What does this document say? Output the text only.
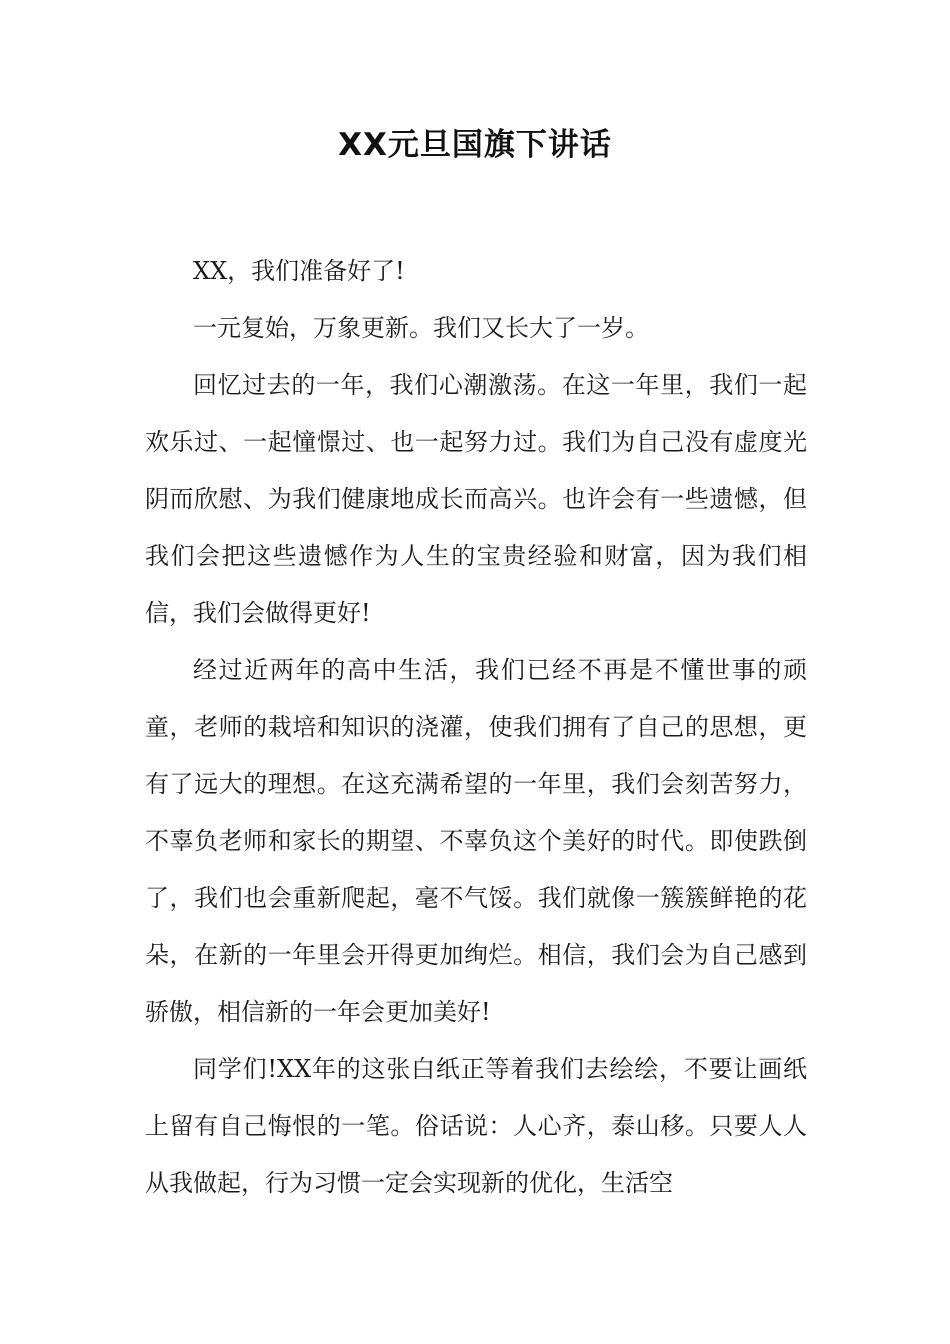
XX元旦国旗下讲话

XX，我们准备好了!

一元复始，万象更新。我们又长大了一岁。

回忆过去的一年，我们心潮激荡。在这一年里，我们一起欢乐过、一起憧憬过、也一起努力过。我们为自己没有虚度光阴而欣慰、为我们健康地成长而高兴。也许会有一些遗憾，但我们会把这些遗憾作为人生的宝贵经验和财富，因为我们相信，我们会做得更好!

经过近两年的高中生活，我们已经不再是不懂世事的顽童，老师的栽培和知识的浇灌，使我们拥有了自己的思想，更有了远大的理想。在这充满希望的一年里，我们会刻苦努力，不辜负老师和家长的期望、不辜负这个美好的时代。即使跌倒了，我们也会重新爬起，毫不气馁。我们就像一簇簇鲜艳的花朵，在新的一年里会开得更加绚烂。相信，我们会为自己感到骄傲，相信新的一年会更加美好!

同学们!XX年的这张白纸正等着我们去绘绘，不要让画纸上留有自己悔恨的一笔。俗话说：人心齐，泰山移。只要人人从我做起，行为习惯一定会实现新的优化，生活空
